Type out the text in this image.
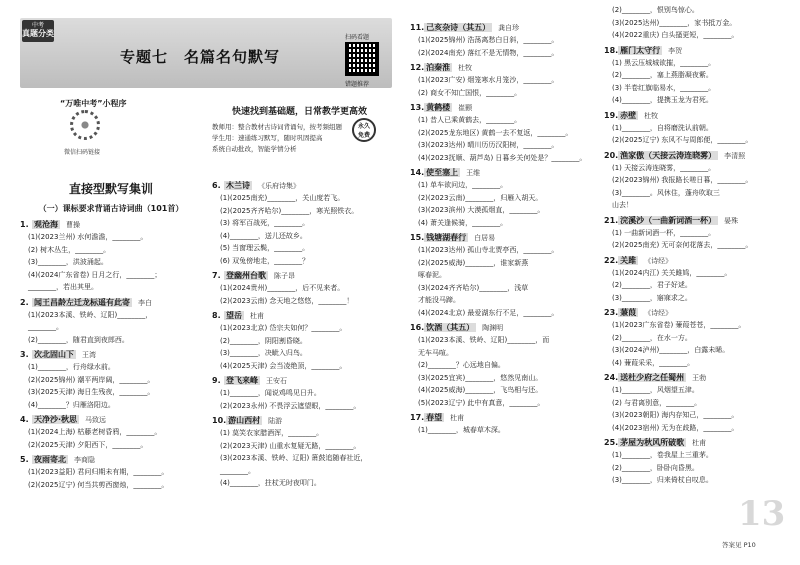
中考
真题分类
专题七　名篇名句默写
扫码看题
错题推荐
“万唯中考”小程序
微信扫码链接
快速找到基础题，日常教学更高效
教师用：整合教材古诗词背诵句，按考频组题
学生用：速通练习默写，随时巩固提高
系统自动批改，智能学情分析
永久 免费
直接型默写集训
（一）课标要求背诵古诗词曲（101首）
1. 观沧海 曹操
(1)(2023兰州) 水何澹澹，________。
(2) 树木丛生，________。
(3)________，洪波涌起。
(4)(2024广东省卷) 日月之行，________；
________，若出其里。
2. 闻王昌龄左迁龙标遥有此寄 李白
(1)(2023本溪、铁岭、辽阳)________，
________。
(2)________，随君直到夜郎西。
3. 次北固山下 王湾
(1)________，行舟绿水前。
(2)(2025锦州) 潮平两岸阔，________。
(3)(2025天津) 海日生残夜，________。
(4)________？归雁洛阳边。
4. 天净沙·秋思 马致远
(1)(2024上海) 枯藤老树昏鸦，________。
(2)(2025天津) 夕阳西下，________。
5. 夜雨寄北 李商隐
(1)(2023益阳) 君问归期未有期，________。
(2)(2025辽宁) 何当共剪西窗烛，________。
6. 木兰诗 《乐府诗集》
(1)(2025南充)________，关山度若飞。
(2)(2025齐齐哈尔)________，寒光照铁衣。
(3) 将军百战死，________。
(4)________，送儿还故乡。
(5) 当窗理云鬓，________。
(6) 双兔傍地走，________？
7. 登幽州台歌 陈子昂
(1)(2024贵州)________，后不见来者。
(2)(2023云南) 念天地之悠悠，________！
8. 望岳 杜甫
(1)(2023北京) 岱宗夫如何？________。
(2)________，阴阳割昏晓。
(3)________，决眦入归鸟。
(4)(2025天津) 会当凌绝顶，________。
9. 登飞来峰 王安石
(1)________，闻说鸡鸣见日升。
(2)(2023永州) 不畏浮云遮望眼，________。
10. 游山西村 陆游
(1) 莫笑农家腊酒浑，________。
(2)(2023天津) 山重水复疑无路，________。
(3)(2023本溪、铁岭、辽阳) 箫鼓追随春社近，
________。
(4)________，拄杖无时夜叩门。
11. 己亥杂诗（其五） 龚自珍
(1)(2025锦州) 浩荡离愁白日斜，________。
(2)(2024南充) 落红不是无情物，________。
12. 泊秦淮 杜牧
(1)(2023广安) 烟笼寒水月笼沙，________。
(2) 商女不知亡国恨，________。
13. 黄鹤楼 崔颢
(1) 昔人已乘黄鹤去，________。
(2)(2025龙东地区) 黄鹤一去不复返，________。
(3)(2023达州) 晴川历历汉阳树，________。
(4)(2023抚顺、葫芦岛) 日暮乡关何处是？________。
14. 使至塞上 王维
(1) 单车欲问边，________。
(2)(2023云南)________，归雁入胡天。
(3)(2023滨州) 大漠孤烟直，________。
(4) 萧关逢候骑，________。
15. 钱塘湖春行 白居易
(1)(2023达州) 孤山寺北贾亭西，________。
(2)(2025威海)________，谁家新燕
啄春泥。
(3)(2024齐齐哈尔)________，浅草
才能没马蹄。
(4)(2024北京) 最爱湖东行不足，________。
16. 饮酒（其五） 陶渊明
(1)(2023本溪、铁岭、辽阳)________，而
无车马喧。
(2)________？心远地自偏。
(3)(2025宜宾)________，悠然见南山。
(4)(2025威海)________，飞鸟相与还。
(5)(2023辽宁) 此中有真意，________。
17. 春望 杜甫
(1)________，城春草木深。
(2)________，恨别鸟惊心。
(3)(2025达州)________，家书抵万金。
(4)(2022重庆) 白头搔更短，________。
18. 雁门太守行 李贺
(1) 黑云压城城欲摧，________。
(2)________，塞上燕脂凝夜紫。
(3) 半卷红旗临易水，________。
(4)________，提携玉龙为君死。
19. 赤壁 杜牧
(1)________，自将磨洗认前朝。
(2)(2025辽宁) 东风不与周郎便，________。
20. 渔家傲（天接云涛连晓雾） 李清照
(1) 天接云涛连晓雾，________。
(2)(2023锦州) 我报路长嗟日暮，________。
(3)________。风休住，蓬舟吹取三
山去！
21. 浣溪沙（一曲新词酒一杯） 晏殊
(1) 一曲新词酒一杯，________。
(2)(2025南充) 无可奈何花落去，________。
22. 关雎 《诗经》
(1)(2024内江) 关关雎鸠，________。
(2)________，君子好逑。
(3)________，寤寐求之。
23. 蒹葭 《诗经》
(1)(2023广东省卷) 蒹葭苍苍，________。
(2)________，在水一方。
(3)(2024泸州)________，白露未晞。
(4) 蒹葭采采，________。
24. 送杜少府之任蜀州 王勃
(1)________，风烟望五津。
(2) 与君离别意，________。
(3)(2023朝阳) 海内存知己，________。
(4)(2023宿州) 无为在歧路，________。
25. 茅屋为秋风所破歌 杜甫
(1)________，卷我屋上三重茅。
(2)________，卧卧向昏黑。
(3)________，归来倚杖自叹息。
13
答案见 P10
